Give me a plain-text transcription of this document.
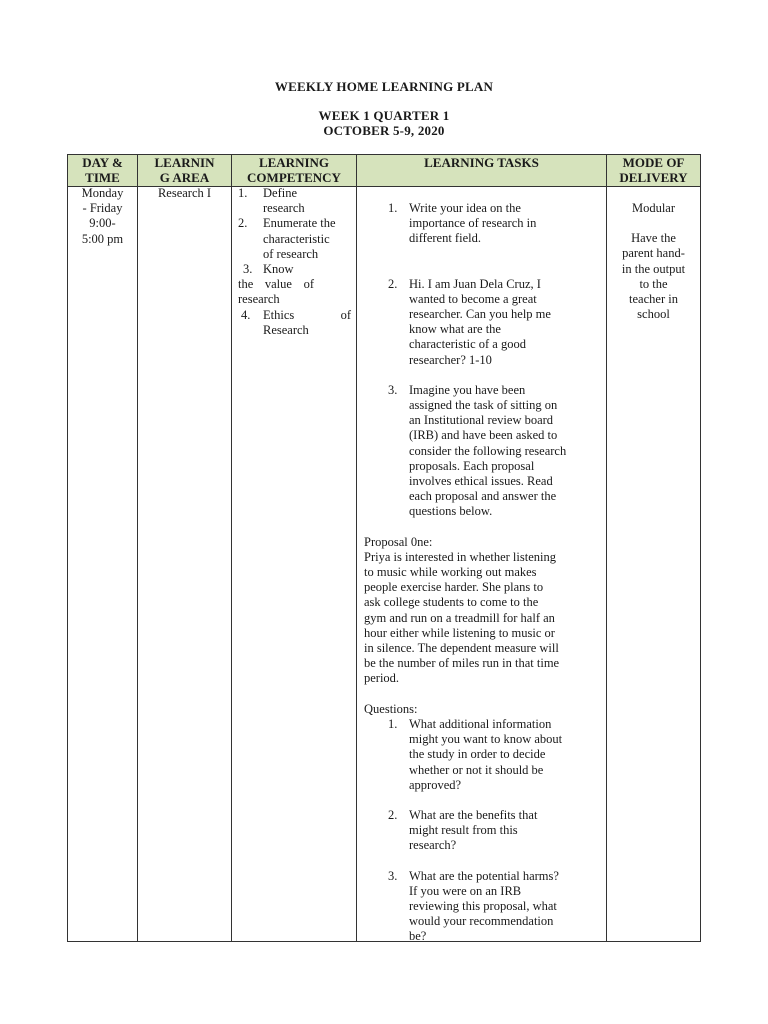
WEEKLY HOME LEARNING PLAN
WEEK 1 QUARTER 1
OCTOBER 5-9, 2020
DAY &
TIME
LEARNIN
G AREA
LEARNING
COMPETENCY
LEARNING TASKS	MODE OF
DELIVERY
Monday
- Friday
9:00-
5:00 pm
Research I	1. Define
research
2. Enumerate the
characteristic
of research
3. Know
the value of
research
4. Ethics of
Research
1. Write your idea on the
importance of research in
different field.
2. Hi. I am Juan Dela Cruz, I
wanted to become a great
researcher. Can you help me
know what are the
characteristic of a good
researcher? 1-10
3. Imagine you have been
assigned the task of sitting on
an Institutional review board
(IRB) and have been asked to
consider the following research
proposals. Each proposal
involves ethical issues. Read
each proposal and answer the
questions below.
Proposal 0ne:
Priya is interested in whether listening
to music while working out makes
people exercise harder. She plans to
ask college students to come to the
gym and run on a treadmill for half an
hour either while listening to music or
in silence. The dependent measure will
be the number of miles run in that time
period.
Questions:
1. What additional information
might you want to know about
the study in order to decide
whether or not it should be
approved?
2. What are the benefits that
might result from this
research?
3. What are the potential harms?
If you were on an IRB
reviewing this proposal, what
would your recommendation
be?
Modular
Have the
parent hand-
in the output
to the
teacher in
school
